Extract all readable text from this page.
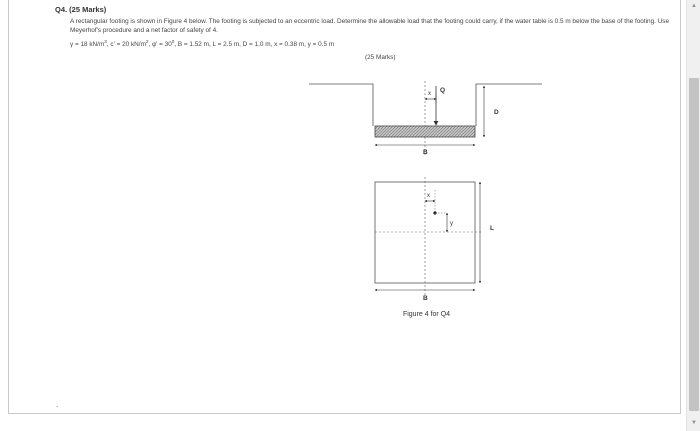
Q4. (25 Marks)
A rectangular footing is shown in Figure 4 below. The footing is subjected to an eccentric load. Determine the allowable load that the footing could carry, if the water table is 0.5 m below the base of the footing. Use Meyerhof's procedure and a net factor of safety of 4.
γ = 18 $kN/m^3$, c' = 20 $kN/m^2$, $\varphi' = 30^0$, B = 1.52 m, L = 2.5 m, D = 1.0 m, x = 0.38 m, y = 0.5 m
(25 Marks)
x Q
D
B
x
y
L
B
Figure 4 for Q4
.
▲
▼
